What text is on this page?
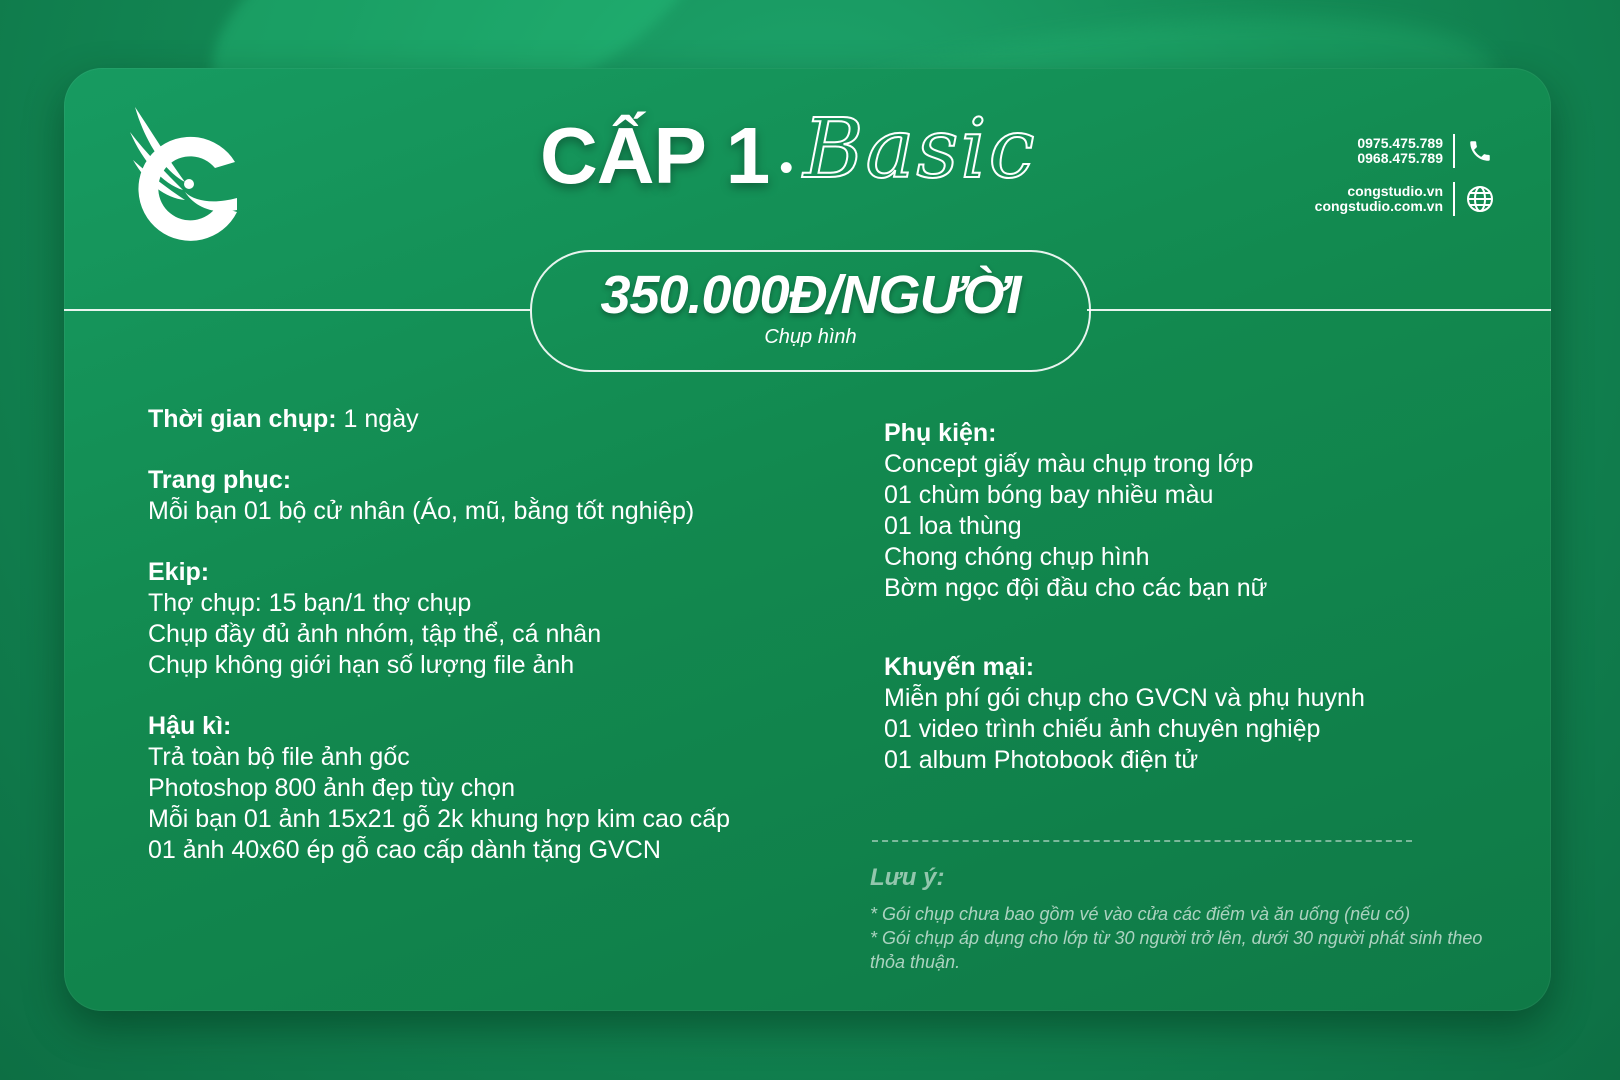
CẤP 1 • Basic	0975.475.789
0968.475.789
congstudio.vn
congstudio.com.vn
350.000Đ/NGƯỜI
Chụp hình
Thời gian chụp: 1 ngày
Trang phục:
Mỗi bạn 01 bộ cử nhân (Áo, mũ, bằng tốt nghiệp)
Ekip:
Thợ chụp: 15 bạn/1 thợ chụp
Chụp đầy đủ ảnh nhóm, tập thể, cá nhân
Chụp không giới hạn số lượng file ảnh
Hậu kì:
Trả toàn bộ file ảnh gốc
Photoshop 800 ảnh đẹp tùy chọn
Mỗi bạn 01 ảnh 15x21 gỗ 2k khung hợp kim cao cấp
01 ảnh 40x60 ép gỗ cao cấp dành tặng GVCN
Phụ kiện:
Concept giấy màu chụp trong lớp
01 chùm bóng bay nhiều màu
01 loa thùng
Chong chóng chụp hình
Bờm ngọc đội đầu cho các bạn nữ
Khuyến mại:
Miễn phí gói chụp cho GVCN và phụ huynh
01 video trình chiếu ảnh chuyên nghiệp
01 album Photobook điện tử
Lưu ý:
* Gói chụp chưa bao gồm vé vào cửa các điểm và ăn uống (nếu có)
* Gói chụp áp dụng cho lớp từ 30 người trở lên, dưới 30 người phát sinh theo thỏa thuận.
